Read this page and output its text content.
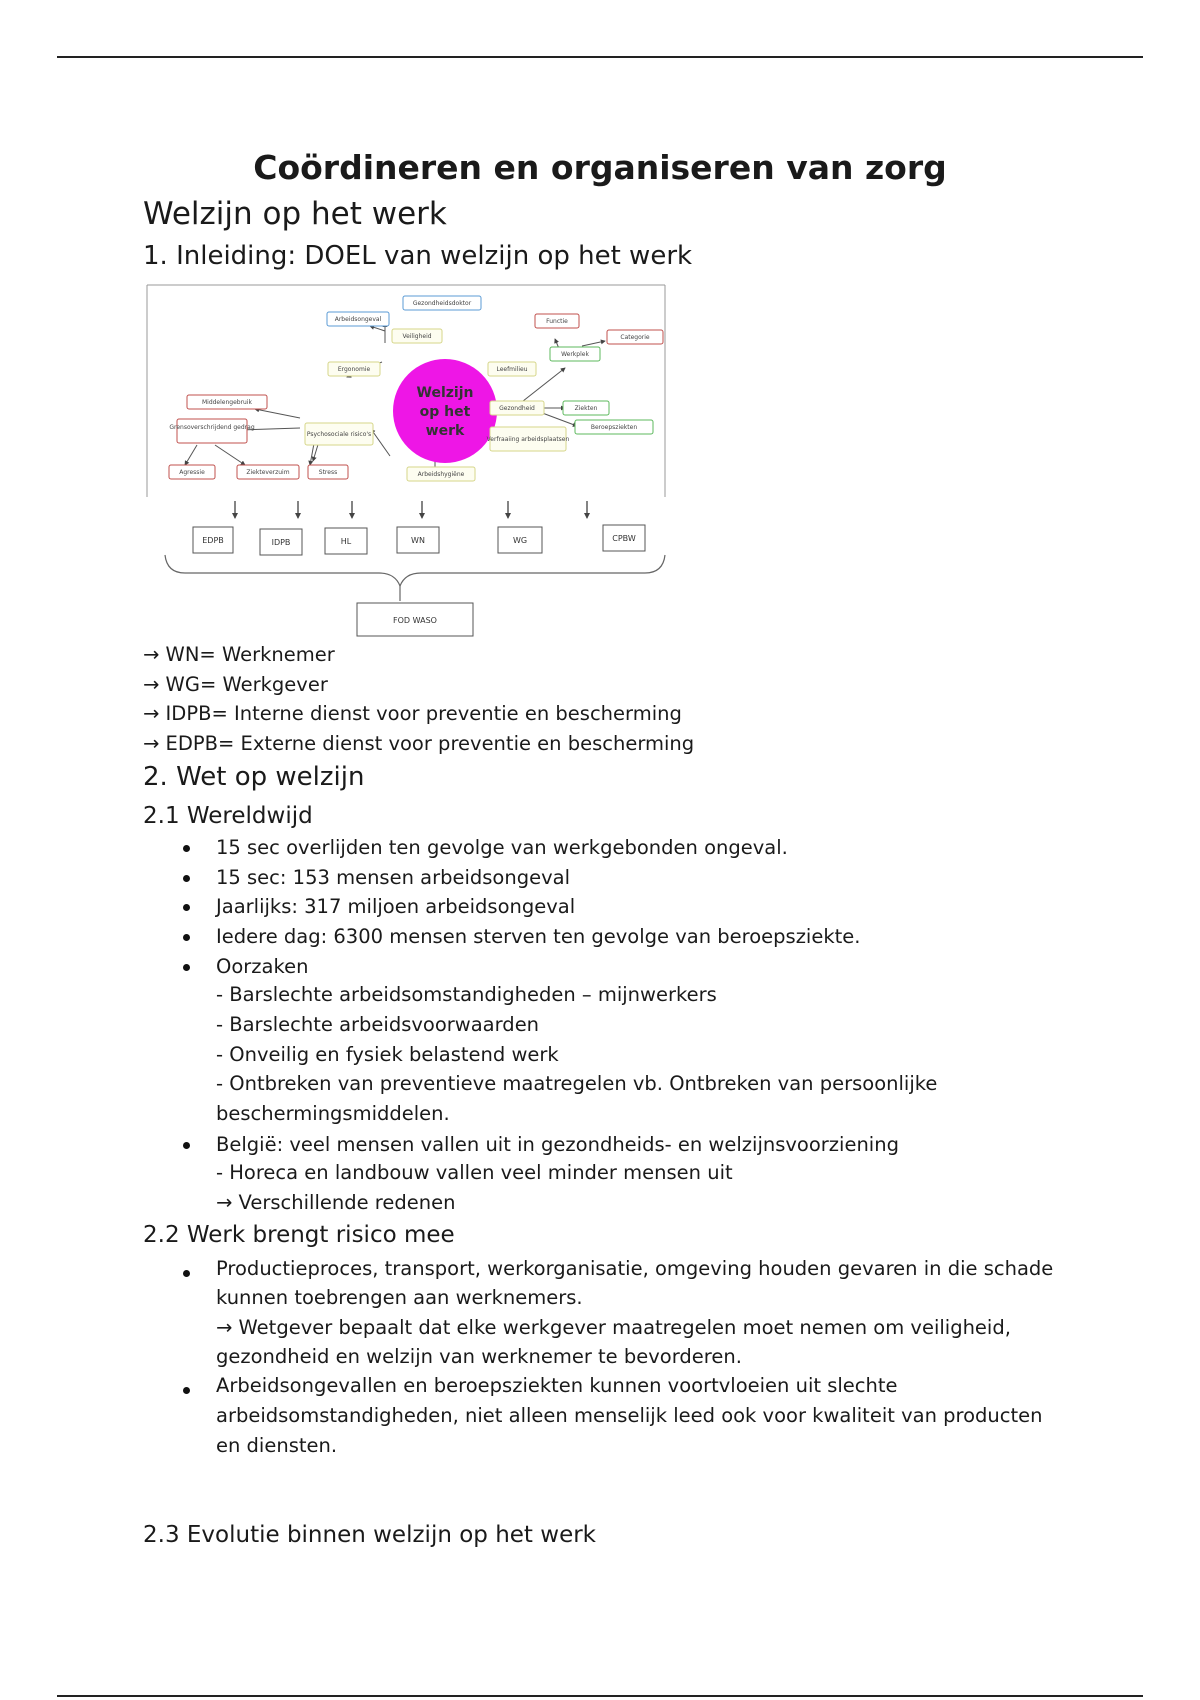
Coördineren en organiseren van zorg
Welzijn op het werk
1. Inleiding: DOEL van welzijn op het werk
Welzijn
op het
werk
Arbeidsongeval
Gezondheidsdoktor
Veiligheid
Ergonomie	Leefmilieu
Functie
Categorie
Werkplek
Middelengebruik
Grensoverschrijdend gedrag
Psychosociale risico's
Gezondheid	Ziekten
Beroepsziekten
Verfraaiing arbeidsplaatsen
Agressie	Ziekteverzuim	Stress	Arbeidshygiëne
EDPB	IDPB	HL	WN	WG	CPBW
FOD WASO
→ WN= Werknemer
→ WG= Werkgever
→ IDPB= Interne dienst voor preventie en bescherming
→ EDPB= Externe dienst voor preventie en bescherming
2. Wet op welzijn
2.1 Wereldwijd
15 sec overlijden ten gevolge van werkgebonden ongeval.
15 sec: 153 mensen arbeidsongeval
Jaarlijks: 317 miljoen arbeidsongeval
Iedere dag: 6300 mensen sterven ten gevolge van beroepsziekte.
Oorzaken
- Barslechte arbeidsomstandigheden – mijnwerkers
- Barslechte arbeidsvoorwaarden
- Onveilig en fysiek belastend werk
- Ontbreken van preventieve maatregelen vb. Ontbreken van persoonlijke
beschermingsmiddelen.
België: veel mensen vallen uit in gezondheids- en welzijnsvoorziening
- Horeca en landbouw vallen veel minder mensen uit
→ Verschillende redenen
2.2 Werk brengt risico mee
Productieproces, transport, werkorganisatie, omgeving houden gevaren in die schade
kunnen toebrengen aan werknemers.
→ Wetgever bepaalt dat elke werkgever maatregelen moet nemen om veiligheid,
gezondheid en welzijn van werknemer te bevorderen.
Arbeidsongevallen en beroepsziekten kunnen voortvloeien uit slechte
arbeidsomstandigheden, niet alleen menselijk leed ook voor kwaliteit van producten
en diensten.
2.3 Evolutie binnen welzijn op het werk
